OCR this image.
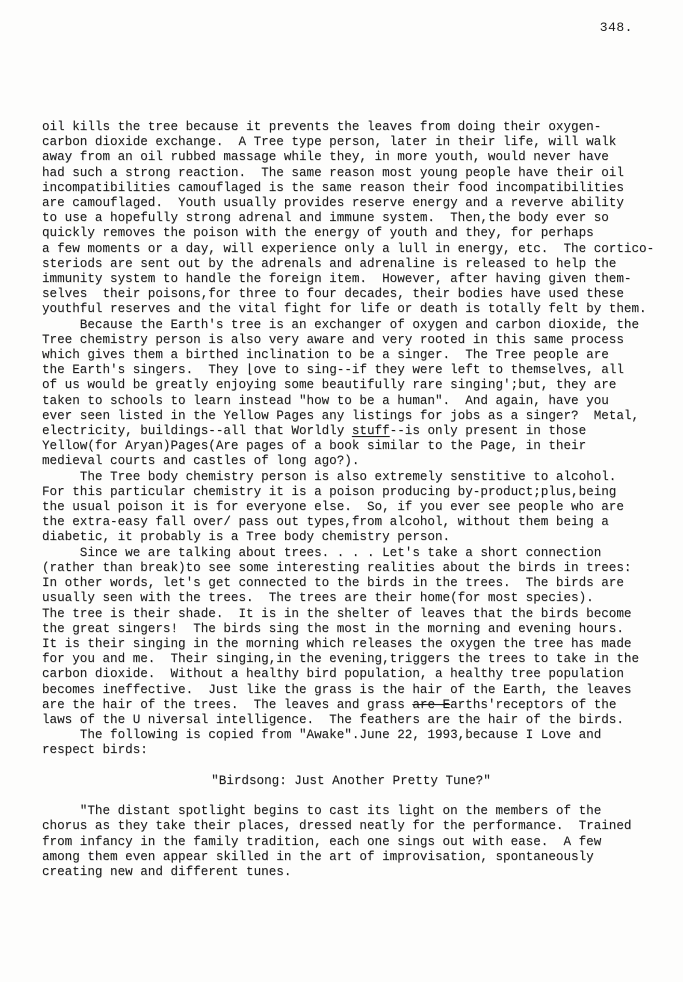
348.
oil kills the tree because it prevents the leaves from doing their oxygen-
carbon dioxide exchange.  A Tree type person, later in their life, will walk
away from an oil rubbed massage while they, in more youth, would never have
had such a strong reaction.  The same reason most young people have their oil
incompatibilities camouflaged is the same reason their food incompatibilities
are camouflaged.  Youth usually provides reserve energy and a reverve ability
to use a hopefully strong adrenal and immune system.  Then,the body ever so
quickly removes the poison with the energy of youth and they, for perhaps
a few moments or a day, will experience only a lull in energy, etc.  The cortico-
steriods are sent out by the adrenals and adrenaline is released to help the
immunity system to handle the foreign item.  However, after having given them-
selves  their poisons,for three to four decades, their bodies have used these
youthful reserves and the vital fight for life or death is totally felt by them.
Because the Earth's tree is an exchanger of oxygen and carbon dioxide, the
Tree chemistry person is also very aware and very rooted in this same process
which gives them a birthed inclination to be a singer.  The Tree people are
the Earth's singers.  They ⌊ove to sing--if they were left to themselves, all
of us would be greatly enjoying some beautifully rare singing';but, they are
taken to schools to learn instead "how to be a human".  And again, have you
ever seen listed in the Yellow Pages any listings for jobs as a singer?  Metal,
electricity, buildings--all that Worldly stuff--is only present in those
Yellow(for Aryan)Pages(Are pages of a book similar to the Page, in their
medieval courts and castles of long ago?).
The Tree body chemistry person is also extremely senstitive to alcohol.
For this particular chemistry it is a poison producing by-product;plus,being
the usual poison it is for everyone else.  So, if you ever see people who are
the extra-easy fall over/ pass out types,from alcohol, without them being a
diabetic, it probably is a Tree body chemistry person.
Since we are talking about trees. . . . Let's take a short connection
(rather than break)to see some interesting realities about the birds in trees:
In other words, let's get connected to the birds in the trees.  The birds are
usually seen with the trees.  The trees are their home(for most species).
The tree is their shade.  It is in the shelter of leaves that the birds become
the great singers!  The birds sing the most in the morning and evening hours.
It is their singing in the morning which releases the oxygen the tree has made
for you and me.  Their singing,in the evening,triggers the trees to take in the
carbon dioxide.  Without a healthy bird population, a healthy tree population
becomes ineffective.  Just like the grass is the hair of the Earth, the leaves
are the hair of the trees.  The leaves and grass are Earths'receptors of the
laws of the U niversal intelligence.  The feathers are the hair of the birds.
The following is copied from "Awake".June 22, 1993,because I Love and
respect birds:

"Birdsong: Just Another Pretty Tune?"

"The distant spotlight begins to cast its light on the members of the
chorus as they take their places, dressed neatly for the performance.  Trained
from infancy in the family tradition, each one sings out with ease.  A few
among them even appear skilled in the art of improvisation, spontaneously
creating new and different tunes.
